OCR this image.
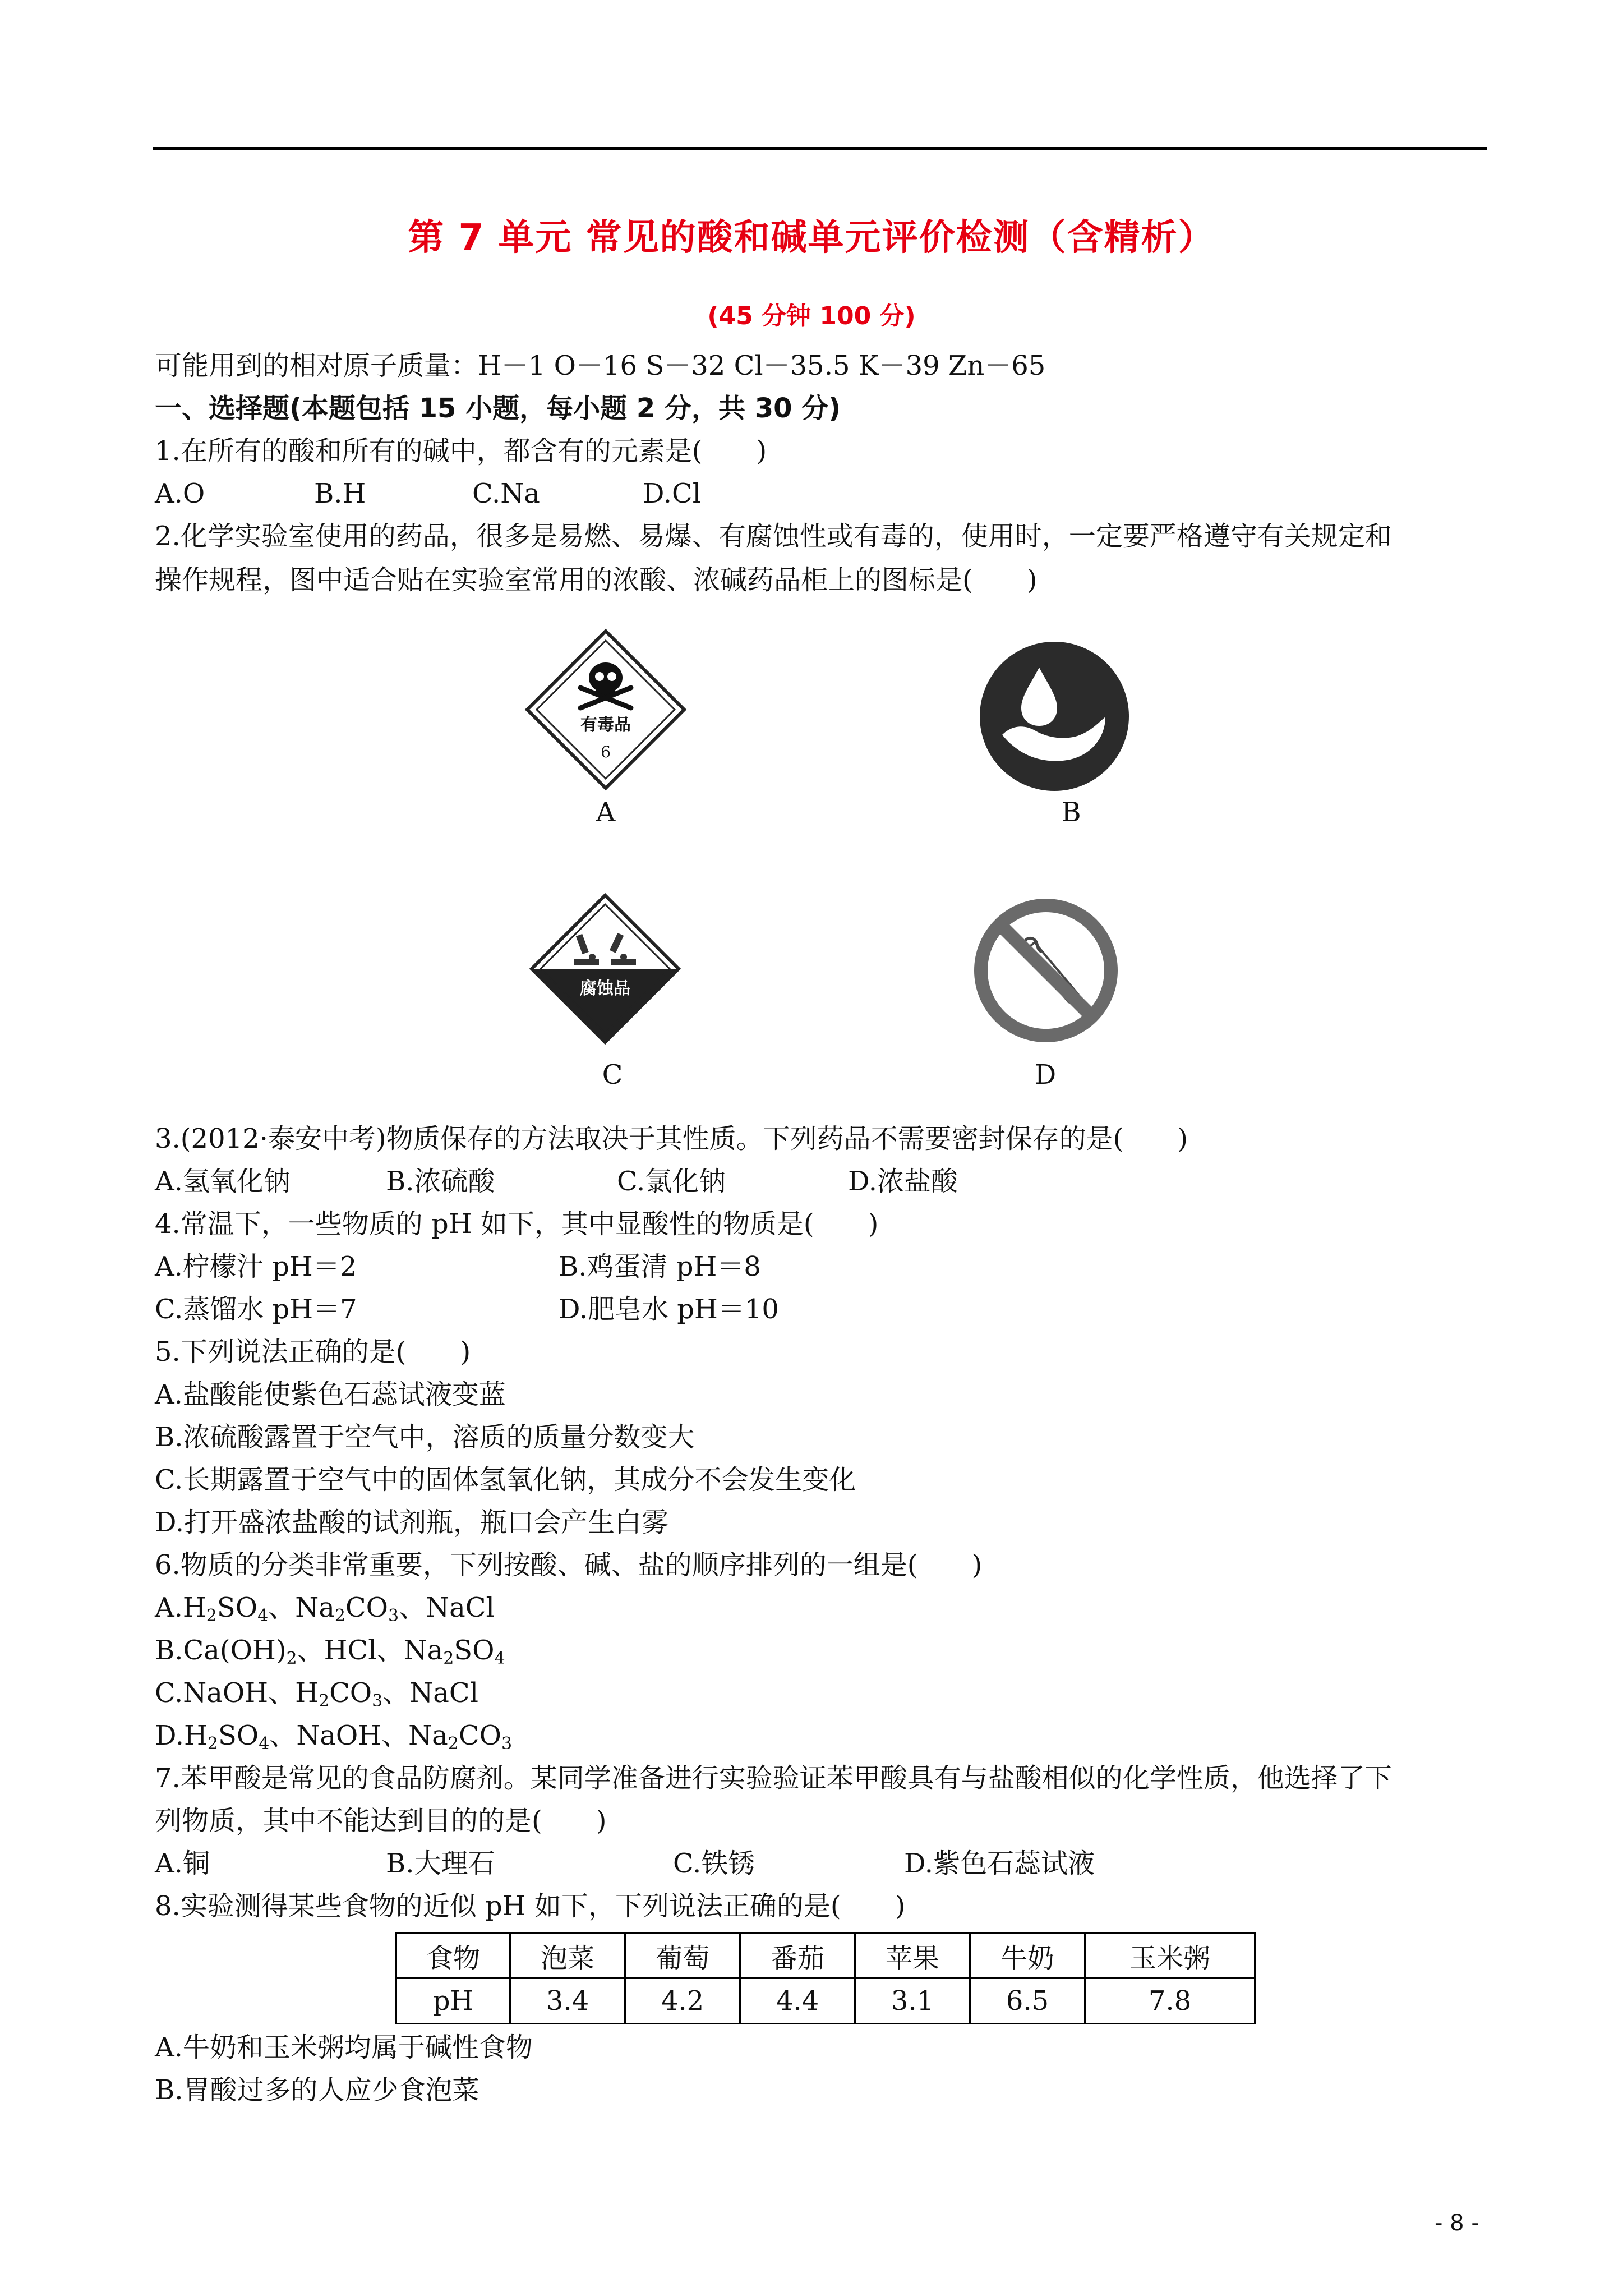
第 7 单元 常见的酸和碱单元评价检测（含精析）
(45 分钟 100 分)
可能用到的相对原子质量：H－1 O－16 S－32 Cl－35.5 K－39 Zn－65
一、选择题(本题包括 15 小题，每小题 2 分，共 30 分)
1.在所有的酸和所有的碱中，都含有的元素是(　　)
A.O	B.H	C.Na	D.Cl
2.化学实验室使用的药品，很多是易燃、易爆、有腐蚀性或有毒的，使用时，一定要严格遵守有关规定和
操作规程，图中适合贴在实验室常用的浓酸、浓碱药品柜上的图标是(　　)
有毒品
6
A	B
腐蚀品
C	D
3.(2012·泰安中考)物质保存的方法取决于其性质。下列药品不需要密封保存的是(　　)
A.氢氧化钠	B.浓硫酸	C.氯化钠	D.浓盐酸
4.常温下，一些物质的 pH 如下，其中显酸性的物质是(　　)
A.柠檬汁 pH＝2	B.鸡蛋清 pH＝8
C.蒸馏水 pH＝7	D.肥皂水 pH＝10
5.下列说法正确的是(　　)
A.盐酸能使紫色石蕊试液变蓝
B.浓硫酸露置于空气中，溶质的质量分数变大
C.长期露置于空气中的固体氢氧化钠，其成分不会发生变化
D.打开盛浓盐酸的试剂瓶，瓶口会产生白雾
6.物质的分类非常重要，下列按酸、碱、盐的顺序排列的一组是(　　)
$A.H_2SO_4$、$Na_2CO_3$、NaCl
$B.Ca(OH)_2$、HCl、$Na_2SO_4$
C.NaOH、$H_2CO_3$、NaCl
$D.H_2SO_4$、NaOH、$Na_2CO_3$
7.苯甲酸是常见的食品防腐剂。某同学准备进行实验验证苯甲酸具有与盐酸相似的化学性质，他选择了下
列物质，其中不能达到目的的是(　　)
A.铜	B.大理石	C.铁锈	D.紫色石蕊试液
8.实验测得某些食物的近似 pH 如下，下列说法正确的是(　　)
食物	泡菜	葡萄	番茄	苹果	牛奶	玉米粥
pH	3.4	4.2	4.4	3.1	6.5	7.8
A.牛奶和玉米粥均属于碱性食物
B.胃酸过多的人应少食泡菜
- 8 -
